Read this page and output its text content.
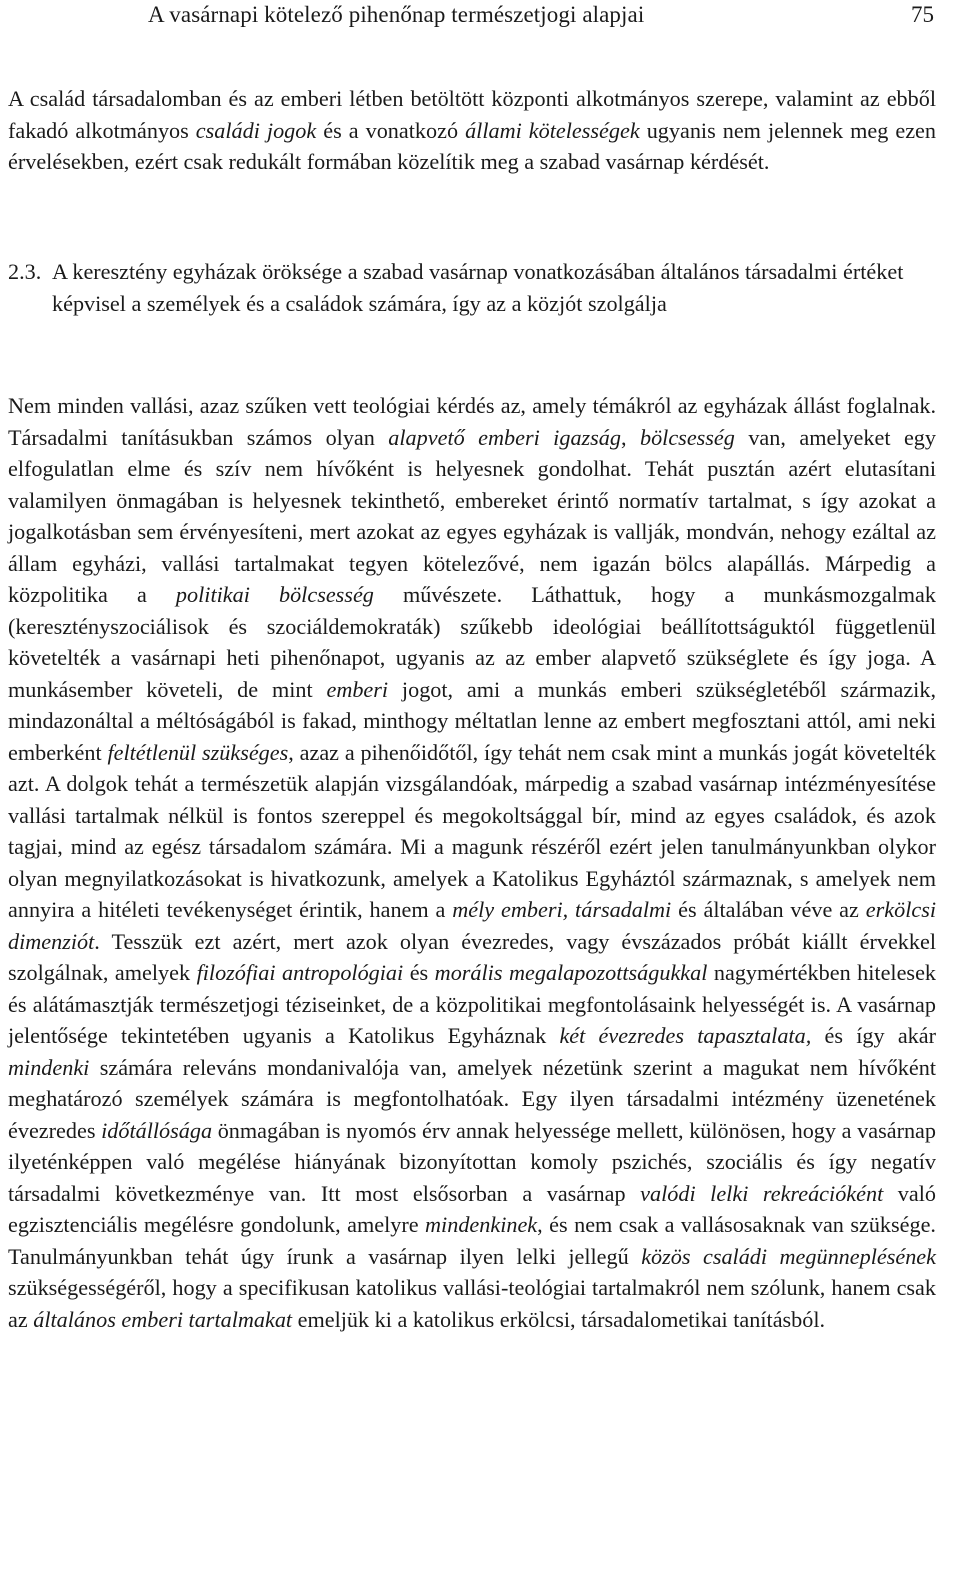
A vasárnapi kötelező pihenőnap természetjogi alapjai	75

A család társadalomban és az emberi létben betöltött központi alkotmányos szerepe, valamint az ebből fakadó alkotmányos családi jogok és a vonatkozó állami kötelességek ugyanis nem jelennek meg ezen érvelésekben, ezért csak redukált formában közelítik meg a szabad vasárnap kérdését.

2.3. A keresztény egyházak öröksége a szabad vasárnap vonatkozásában általános társadalmi értéket képvisel a személyek és a családok számára, így az a közjót szolgálja

Nem minden vallási, azaz szűken vett teológiai kérdés az, amely témákról az egyházak állást foglalnak. Társadalmi tanításukban számos olyan alapvető emberi igazság, bölcsesség van, amelyeket egy elfogulatlan elme és szív nem hívőként is helyesnek gondolhat. Tehát pusztán azért elutasítani valamilyen önmagában is helyesnek tekinthető, embereket érintő normatív tartalmat, s így azokat a jogalkotásban sem érvényesíteni, mert azokat az egyes egyházak is vallják, mondván, nehogy ezáltal az állam egyházi, vallási tartalmakat tegyen kötelezővé, nem igazán bölcs alapállás. Márpedig a közpolitika a politikai bölcsesség művészete. Láthattuk, hogy a munkásmozgalmak (keresztényszociálisok és szociáldemokraták) szűkebb ideológiai beállítottságuktól függetlenül követelték a vasárnapi heti pihenőnapot, ugyanis az az ember alapvető szükséglete és így joga. A munkásember követeli, de mint emberi jogot, ami a munkás emberi szükségletéből származik, mindazonáltal a méltóságából is fakad, minthogy méltatlan lenne az embert megfosztani attól, ami neki emberként feltétlenül szükséges, azaz a pihenőidőtől, így tehát nem csak mint a munkás jogát követelték azt. A dolgok tehát a természetük alapján vizsgálandóak, márpedig a szabad vasárnap intézményesítése vallási tartalmak nélkül is fontos szereppel és megokoltsággal bír, mind az egyes családok, és azok tagjai, mind az egész társadalom számára. Mi a magunk részéről ezért jelen tanulmányunkban olykor olyan megnyilatkozásokat is hivatkozunk, amelyek a Katolikus Egyháztól származnak, s amelyek nem annyira a hitéleti tevékenységet érintik, hanem a mély emberi, társadalmi és általában véve az erkölcsi dimenziót. Tesszük ezt azért, mert azok olyan évezredes, vagy évszázados próbát kiállt érvekkel szolgálnak, amelyek filozófiai antropológiai és morális megalapozottságukkal nagymértékben hitelesek és alátámasztják természetjogi téziseinket, de a közpolitikai megfontolásaink helyességét is. A vasárnap jelentősége tekintetében ugyanis a Katolikus Egyháznak két évezredes tapasztalata, és így akár mindenki számára releváns mondanivalója van, amelyek nézetünk szerint a magukat nem hívőként meghatározó személyek számára is megfontolhatóak. Egy ilyen társadalmi intézmény üzenetének évezredes időtállósága önmagában is nyomós érv annak helyessége mellett, különösen, hogy a vasárnap ilyeténképpen való megélése hiányának bizonyítottan komoly pszichés, szociális és így negatív társadalmi következménye van. Itt most elsősorban a vasárnap valódi lelki rekreációként való egzisztenciális megélésre gondolunk, amelyre mindenkinek, és nem csak a vallásosaknak van szüksége. Tanulmányunkban tehát úgy írunk a vasárnap ilyen lelki jellegű közös családi megünneplésének szükségességéről, hogy a specifikusan katolikus vallási-teológiai tartalmakról nem szólunk, hanem csak az általános emberi tartalmakat emeljük ki a katolikus erkölcsi, társadalometikai tanításból.
